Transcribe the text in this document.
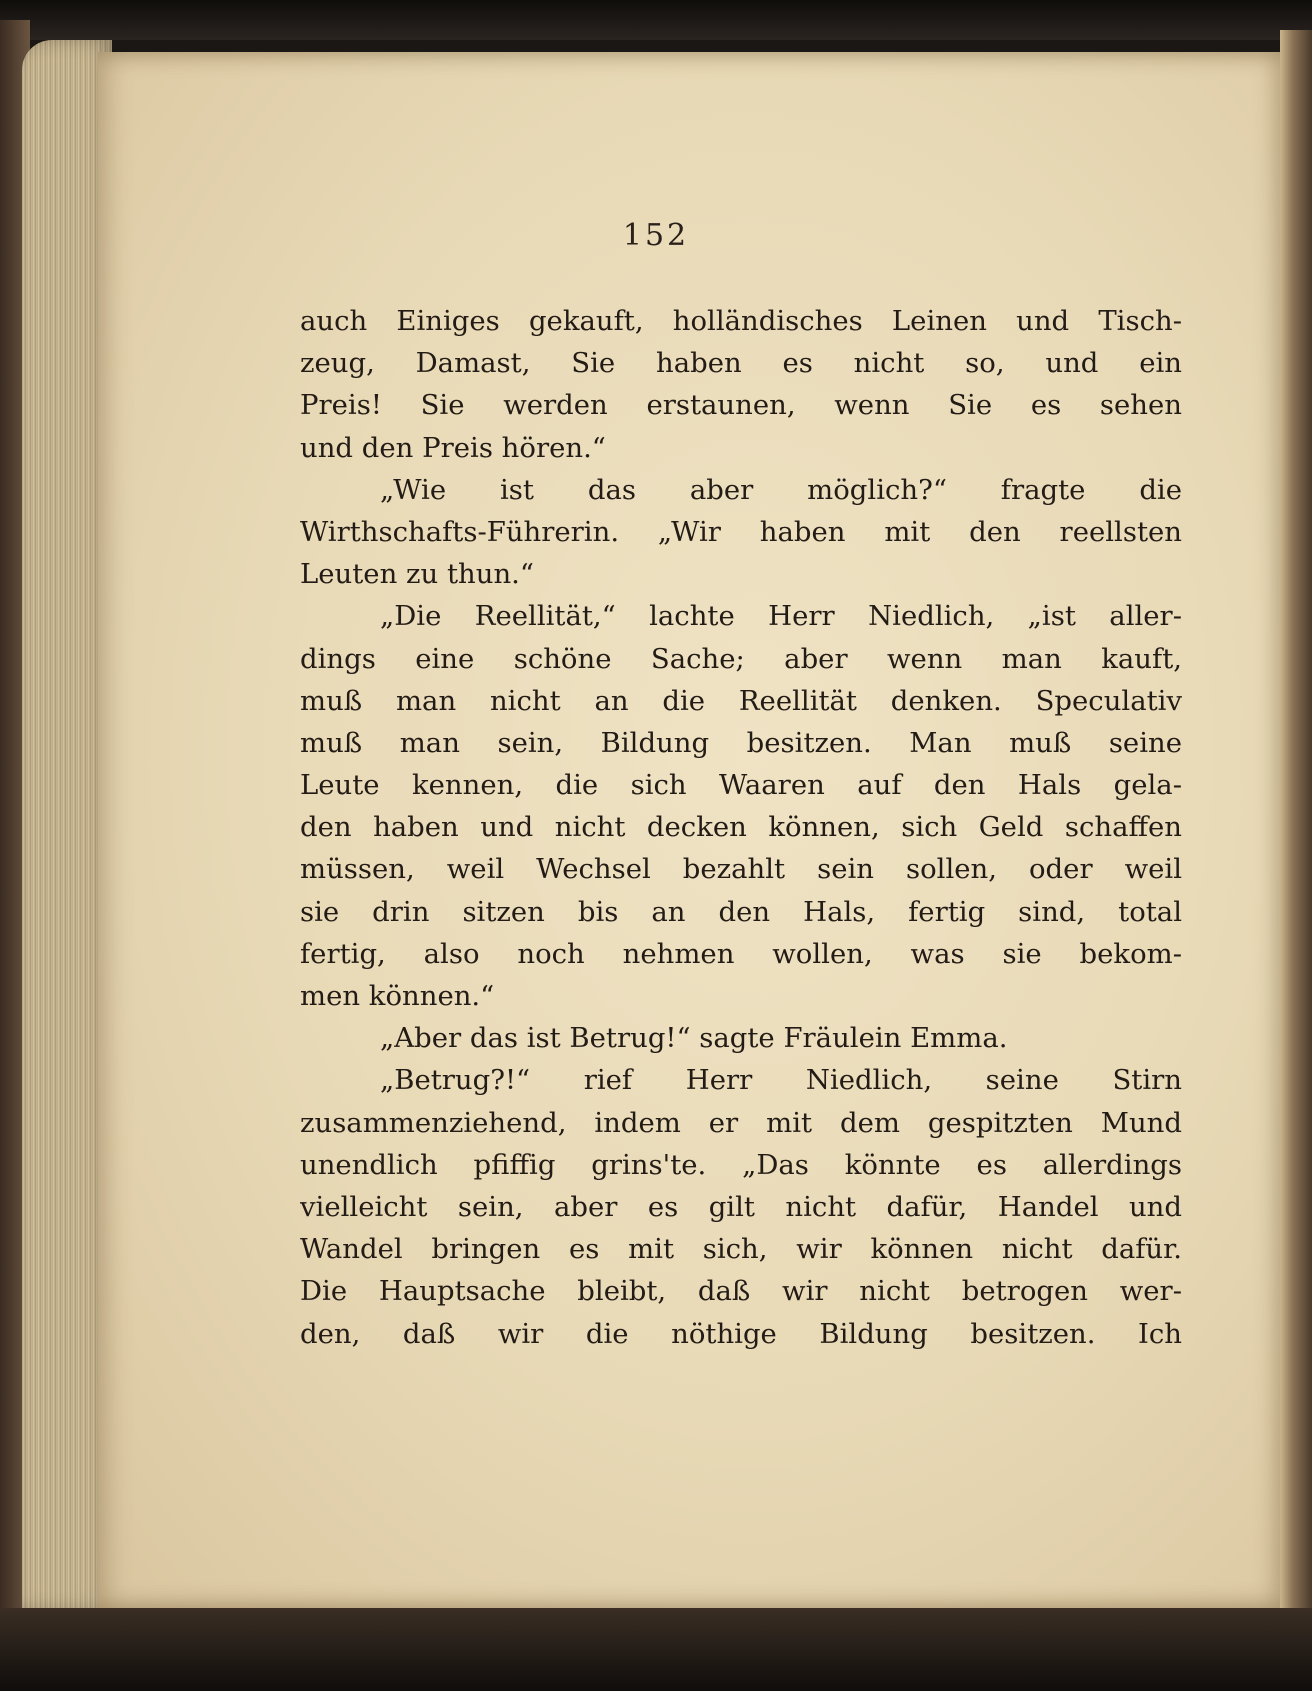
152
auch Einiges gekauft, holländisches Leinen und Tisch-
zeug, Damast, Sie haben es nicht so, und ein
Preis! Sie werden erstaunen, wenn Sie es sehen
und den Preis hören.“
„Wie ist das aber möglich?“ fragte die
Wirthschafts-Führerin. „Wir haben mit den reellsten
Leuten zu thun.“
„Die Reellität,“ lachte Herr Niedlich, „ist aller-
dings eine schöne Sache; aber wenn man kauft,
muß man nicht an die Reellität denken. Speculativ
muß man sein, Bildung besitzen. Man muß seine
Leute kennen, die sich Waaren auf den Hals gela-
den haben und nicht decken können, sich Geld schaffen
müssen, weil Wechsel bezahlt sein sollen, oder weil
sie drin sitzen bis an den Hals, fertig sind, total
fertig, also noch nehmen wollen, was sie bekom-
men können.“
„Aber das ist Betrug!“ sagte Fräulein Emma.
„Betrug?!“ rief Herr Niedlich, seine Stirn
zusammenziehend, indem er mit dem gespitzten Mund
unendlich pfiffig grins'te. „Das könnte es allerdings
vielleicht sein, aber es gilt nicht dafür, Handel und
Wandel bringen es mit sich, wir können nicht dafür.
Die Hauptsache bleibt, daß wir nicht betrogen wer-
den, daß wir die nöthige Bildung besitzen. Ich
